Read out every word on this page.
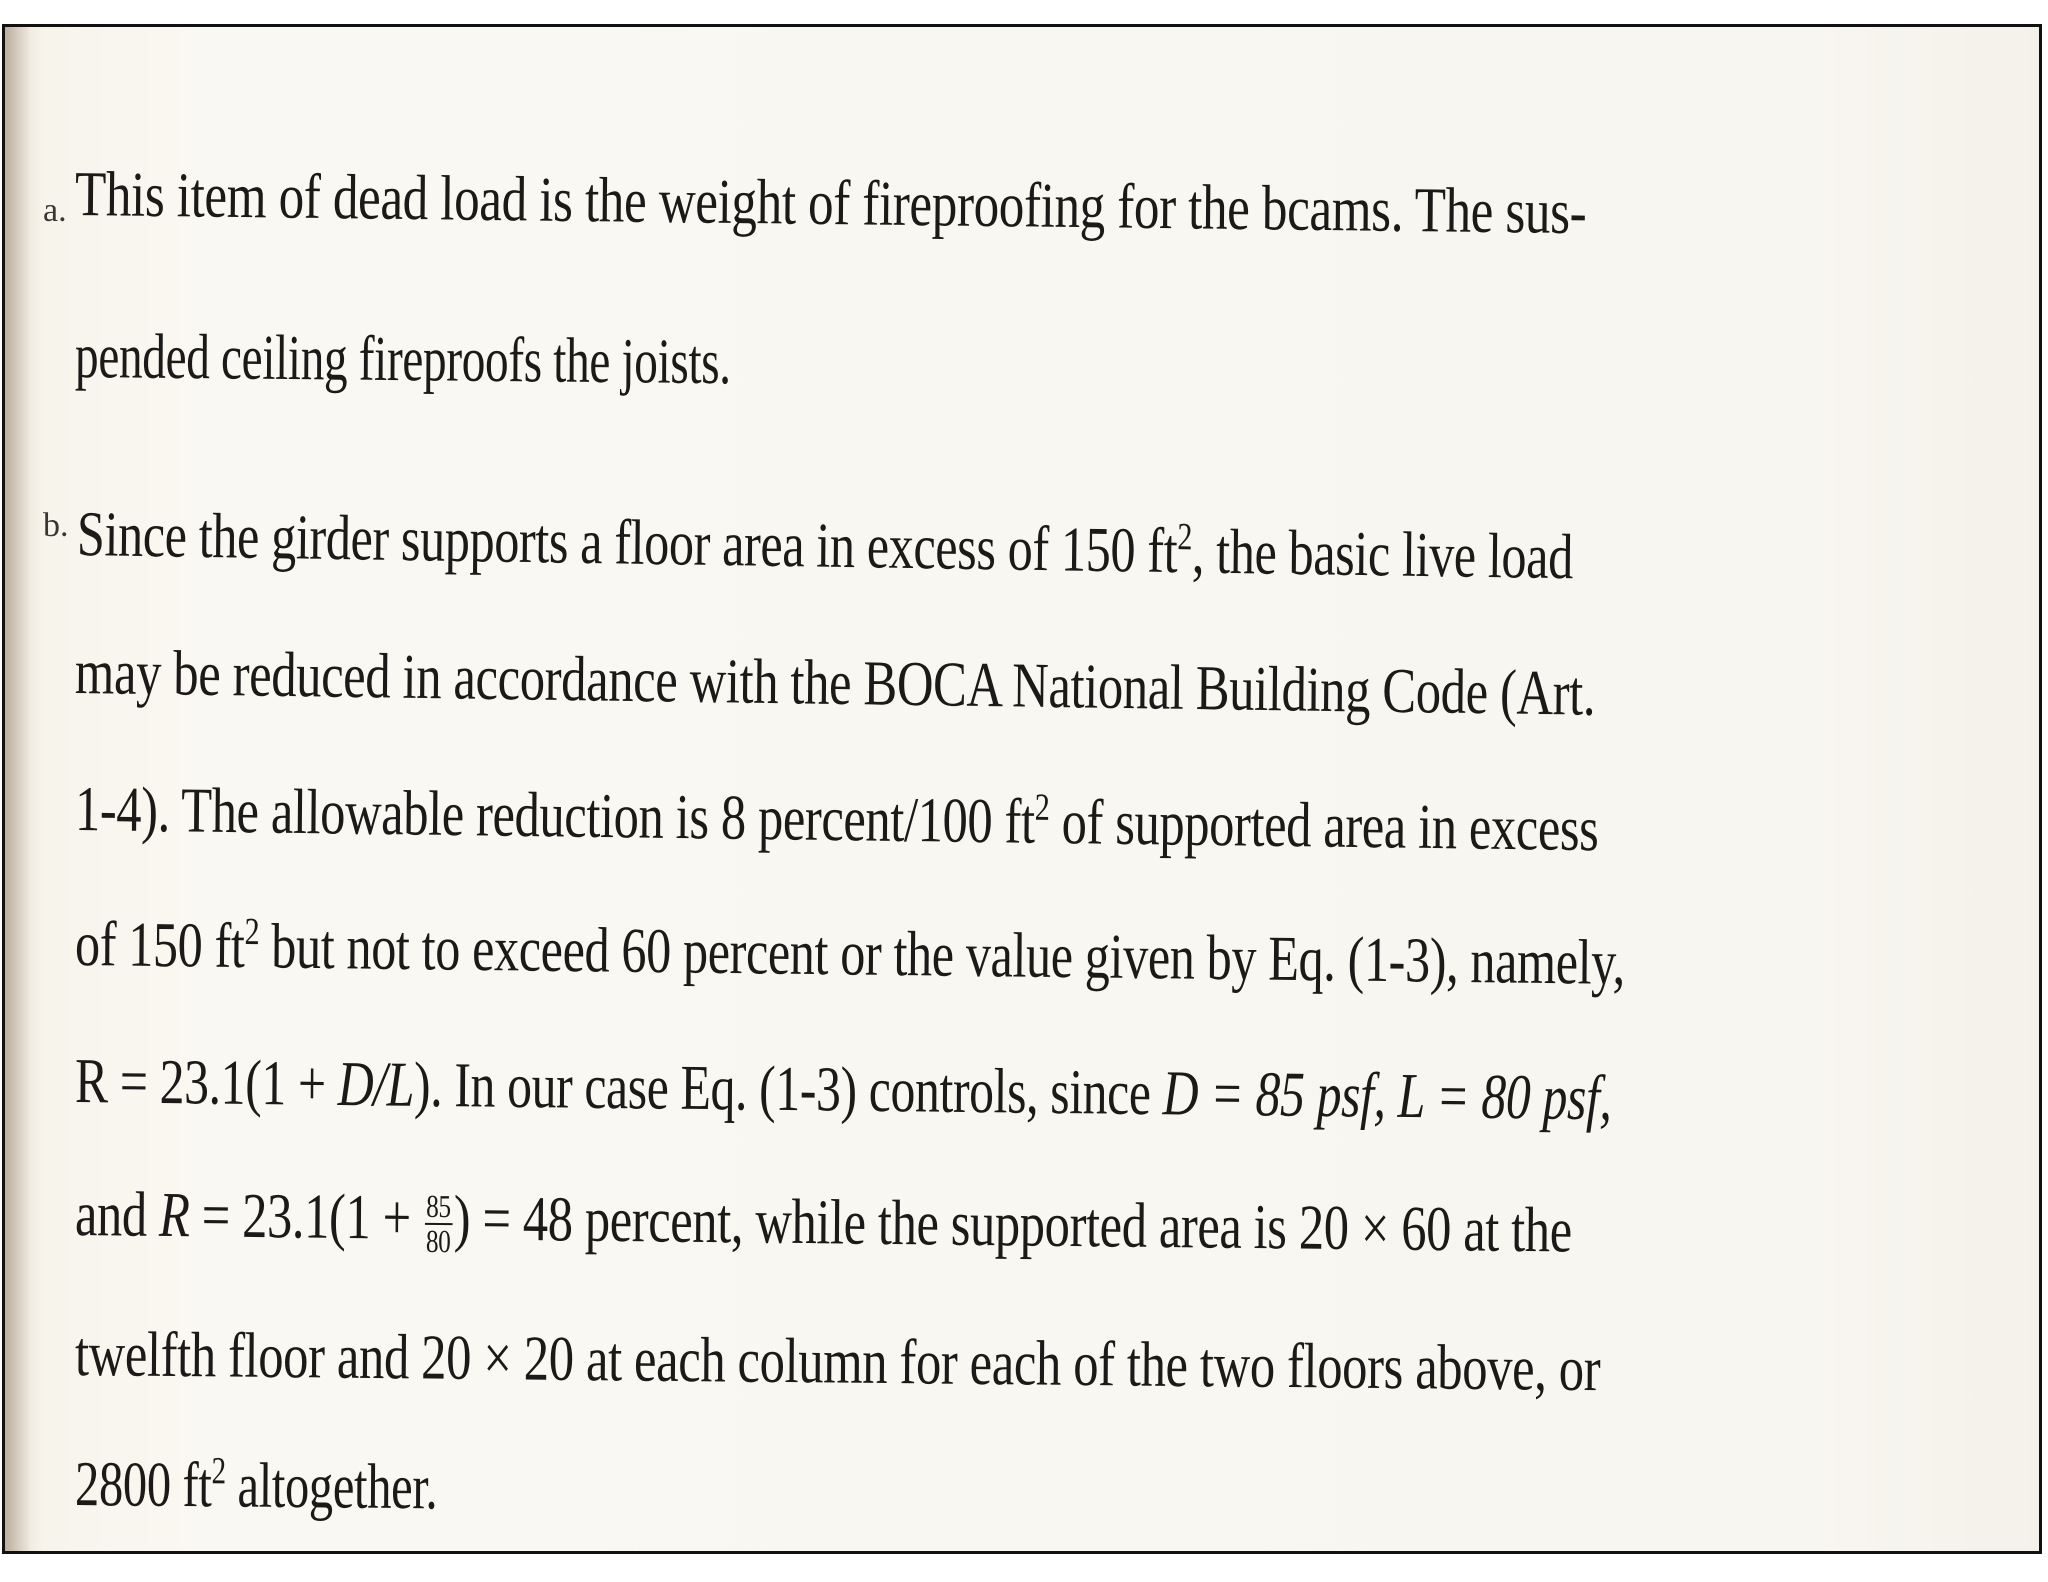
a. This item of dead load is the weight of fireproofing for the bcams. The sus-
pended ceiling fireproofs the joists.
b. Since the girder supports a floor area in excess of 150 $ft^2$, the basic live load
may be reduced in accordance with the BOCA National Building Code (Art.
1-4). The allowable reduction is 8 percent/100 $ft^2$ of supported area in excess
of 150 $ft^2$ but not to exceed 60 percent or the value given by Eq. (1-3), namely,
R = 23.1(1 + D/L). In our case Eq. (1-3) controls, since D = 85 psf, L = 80 psf,
and $R = 23.1(1 + \frac{85}{80}$ ) = 48 percent, while the supported area is 20 × 60 at the
twelfth floor and 20 × 20 at each column for each of the two floors above, or
2800 $ft^2$ altogether.
